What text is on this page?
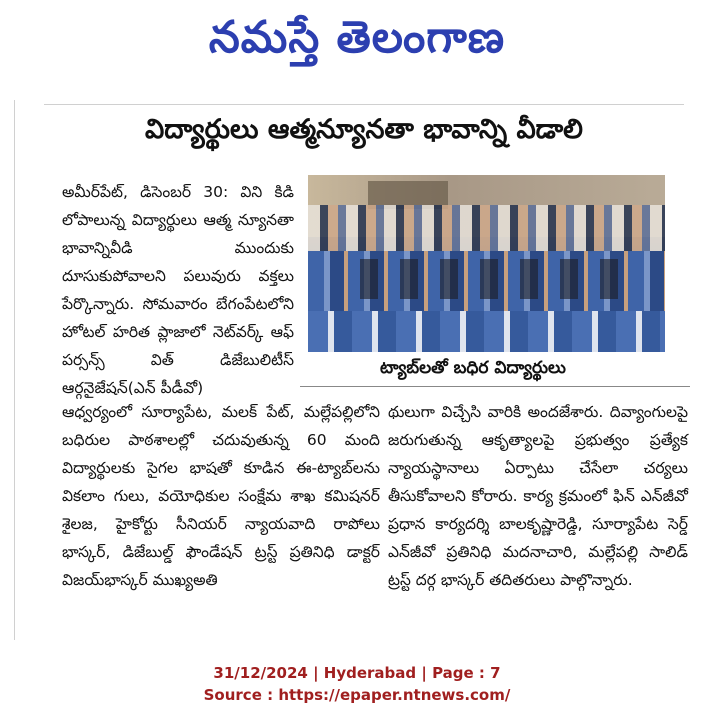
నమస్తే తెలంగాణ
విద్యార్థులు ఆత్మన్యూనతా భావాన్ని వీడాలి
ట్యాబ్‌లతో బధిర విద్యార్థులు

అమీర్‌పేట్, డిసెంబర్ 30: విని కిడి లోపాలున్న విద్యార్థులు ఆత్మ న్యూనతా భావాన్నివీడి ముందుకు దూసుకుపోవాలని పలువురు వక్తలు పేర్కొన్నారు. సోమవారం బేగంపేటలోని హోటల్ హరిత ప్లాజాలో నెట్‌వర్క్ ఆఫ్ పర్సన్స్ విత్ డిజేబులిటీస్ ఆర్గనైజేషన్(ఎన్ పీడీవో)

ఆధ్వర్యంలో సూర్యాపేట, మలక్ పేట్, మల్లేపల్లిలోని బధిరుల పాఠశాలల్లో చదువుతున్న 60 మంది విద్యార్థులకు సైగల భాషతో కూడిన ఈ-ట్యాబ్‌లను వికలాం గులు, వయోధికుల సంక్షేమ శాఖ కమిషనర్ శైలజ, హైకోర్టు సీనియర్ న్యాయవాది రాపోలు భాస్కర్, డిజేబుల్డ్ ఫౌండేషన్ ట్రస్ట్ ప్రతినిధి డాక్టర్ విజయ్‌భాస్కర్ ముఖ్యఅతి

థులుగా విచ్చేసి వారికి అందజేశారు. దివ్యాంగులపై జరుగుతున్న ఆకృత్యాలపై ప్రభుత్వం ప్రత్యేక న్యాయస్థానాలు ఏర్పాటు చేసేలా చర్యలు తీసుకోవాలని కోరారు. కార్య క్రమంలో ఫిన్ ఎన్‌జీవో ప్రధాన కార్యదర్శి బాలకృష్ణారెడ్డి, సూర్యాపేట సెర్డ్ ఎన్‌జీవో ప్రతినిధి మదనాచారి, మల్లేపల్లి సాలిడ్ ట్రస్ట్ దర్గ భాస్కర్ తదితరులు పాల్గొన్నారు.

31/12/2024 | Hyderabad | Page : 7
Source : https://epaper.ntnews.com/
